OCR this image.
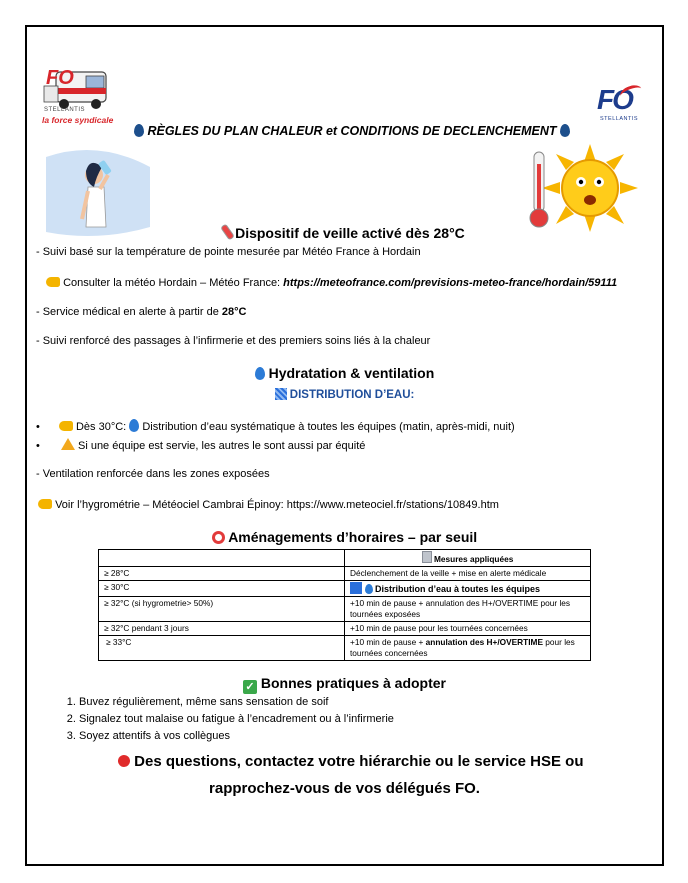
FO
STELLANTIS
la force syndicale
FO
STELLANTIS
RÈGLES DU PLAN CHALEUR et CONDITIONS DE DECLENCHEMENT
Dispositif de veille activé dès 28°C
- Suivi basé sur la température de pointe mesurée par Météo France à Hordain
Consulter la météo Hordain – Météo France: https://meteofrance.com/previsions-meteo-france/hordain/59111
- Service médical en alerte à partir de 28°C
- Suivi renforcé des passages à l’infirmerie et des premiers soins liés à la chaleur
Hydratation & ventilation
DISTRIBUTION D’EAU:
•	Dès 30°C:  Distribution d’eau systématique à toutes les équipes (matin, après-midi, nuit)
•	Si une équipe est servie, les autres le sont aussi par équité
- Ventilation renforcée dans les zones exposées
Voir l’hygrométrie – Météociel Cambrai Épinoy: https://www.meteociel.fr/stations/10849.htm
Aménagements d’horaires – par seuil
	Mesures appliquées
≥ 28°C	Déclenchement de la veille + mise en alerte médicale
≥ 30°C	Distribution d’eau à toutes les équipes
≥ 32°C (si hygrometrie> 50%)	+10 min de pause + annulation des H+/OVERTIME pour les tournées exposées
≥ 32°C pendant 3 jours	+10 min de pause pour les tournées concernées
≥ 33°C	+10 min de pause + annulation des H+/OVERTIME pour les tournées concernées
✓ Bonnes pratiques à adopter
1. Buvez régulièrement, même sans sensation de soif
2. Signalez tout malaise ou fatigue à l’encadrement ou à l’infirmerie
3. Soyez attentifs à vos collègues
Des questions, contactez votre hiérarchie ou le service HSE ou
rapprochez-vous de vos délégués FO.
